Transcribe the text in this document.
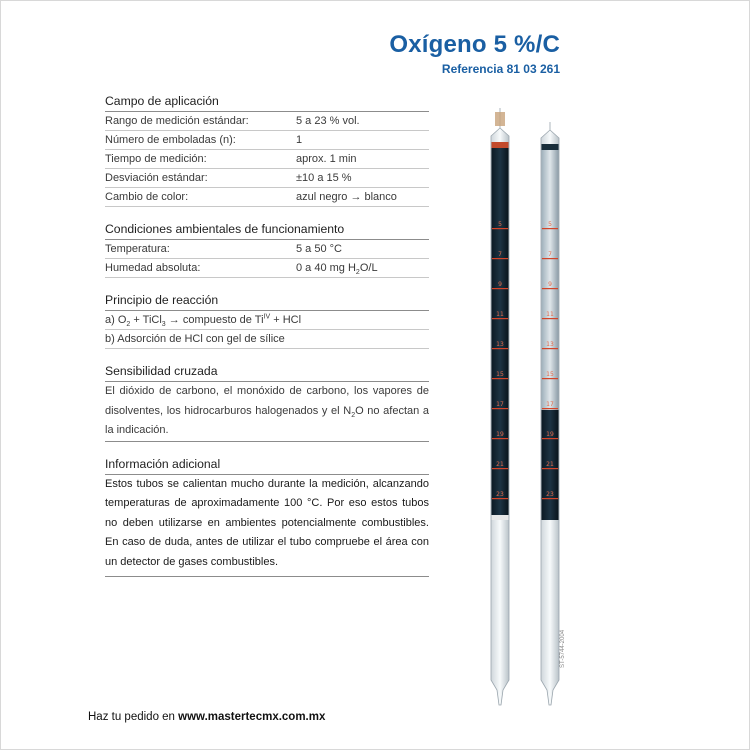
Oxígeno 5 %/C
Referencia 81 03 261
Campo de aplicación
Rango de medición estándar:	5 a 23 % vol.
Número de emboladas (n):	1
Tiempo de medición:	aprox. 1 min
Desviación estándar:	±10 a 15 %
Cambio de color:	azul negro → blanco
Condiciones ambientales de funcionamiento
Temperatura:	5 a 50 °C
Humedad absoluta:	0 a 40 mg $H_2O/L$
Principio de reacción
a) $O_2$ + TiCl$_3$ → compuesto de $Ti^{IV}$ + HCl
b) Adsorción de HCl con gel de sílice
Sensibilidad cruzada
El dióxido de carbono, el monóxido de carbono, los vapores de disolventes, los hidrocarburos halogenados y el $N_2O$ no afectan a la indicación.
Información adicional
Estos tubos se calientan mucho durante la medición, alcanzando temperaturas de aproximadamente 100 °C. Por eso estos tubos no deben utilizarse en ambientes potencialmente combustibles. En caso de duda, antes de utilizar el tubo compruebe el área con un detector de gases combustibles.
5
7
9
11
13
15
17
19
21
23
5
7
9
11
13
15
17
19
21
23
ST-5744-2004
Haz tu pedido en www.mastertecmx.com.mx
